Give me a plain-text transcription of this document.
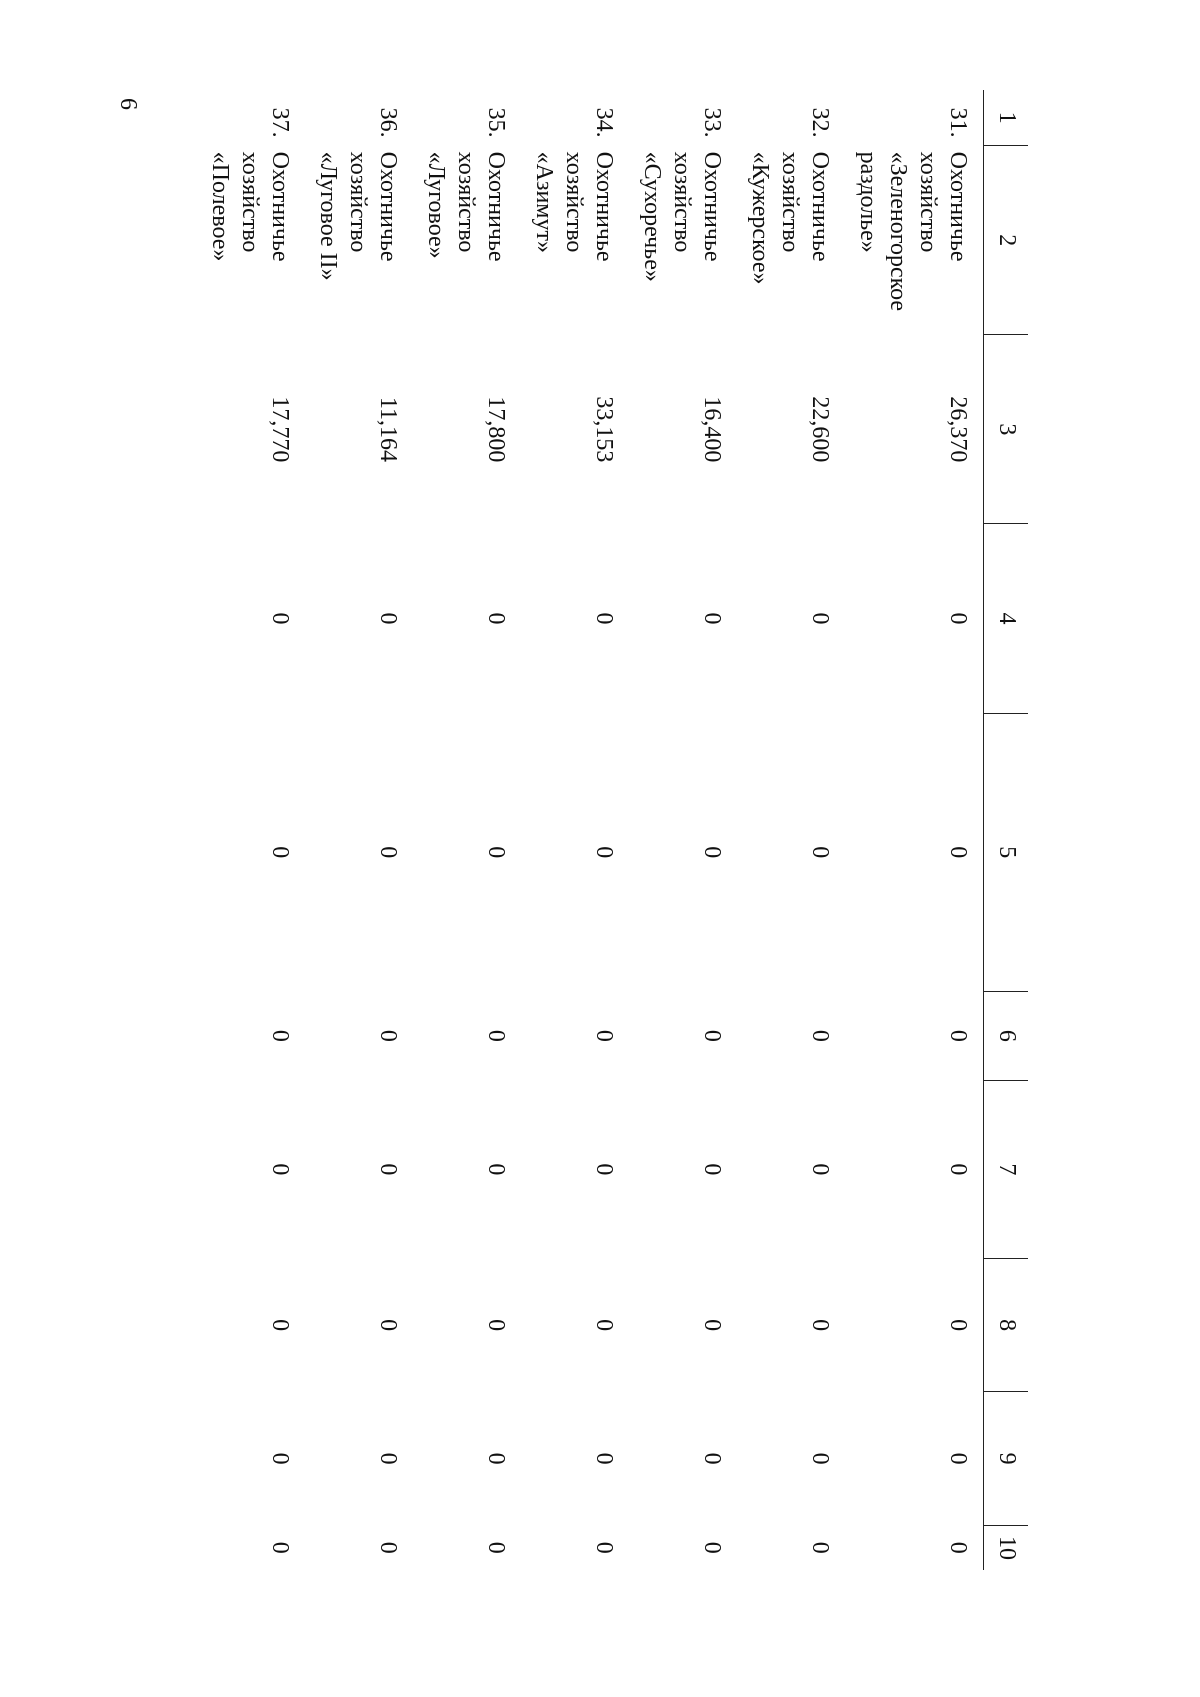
6
1	2	3	4	5	6	7	8	9	10
31.	Охотничье
хозяйство
«Зеленогорское
раздолье»	26,370	0	0	0	0	0	0	0
32.	Охотничье
хозяйство
«Кужерское»	22,600	0	0	0	0	0	0	0
33.	Охотничье
хозяйство
«Сухоречье»	16,400	0	0	0	0	0	0	0
34.	Охотничье
хозяйство
«Азимут»	33,153	0	0	0	0	0	0	0
35.	Охотничье
хозяйство
«Луговое»	17,800	0	0	0	0	0	0	0
36.	Охотничье
хозяйство
«Луговое II»	11,164	0	0	0	0	0	0	0
37.	Охотничье
хозяйство
«Полевое»	17,770	0	0	0	0	0	0	0
